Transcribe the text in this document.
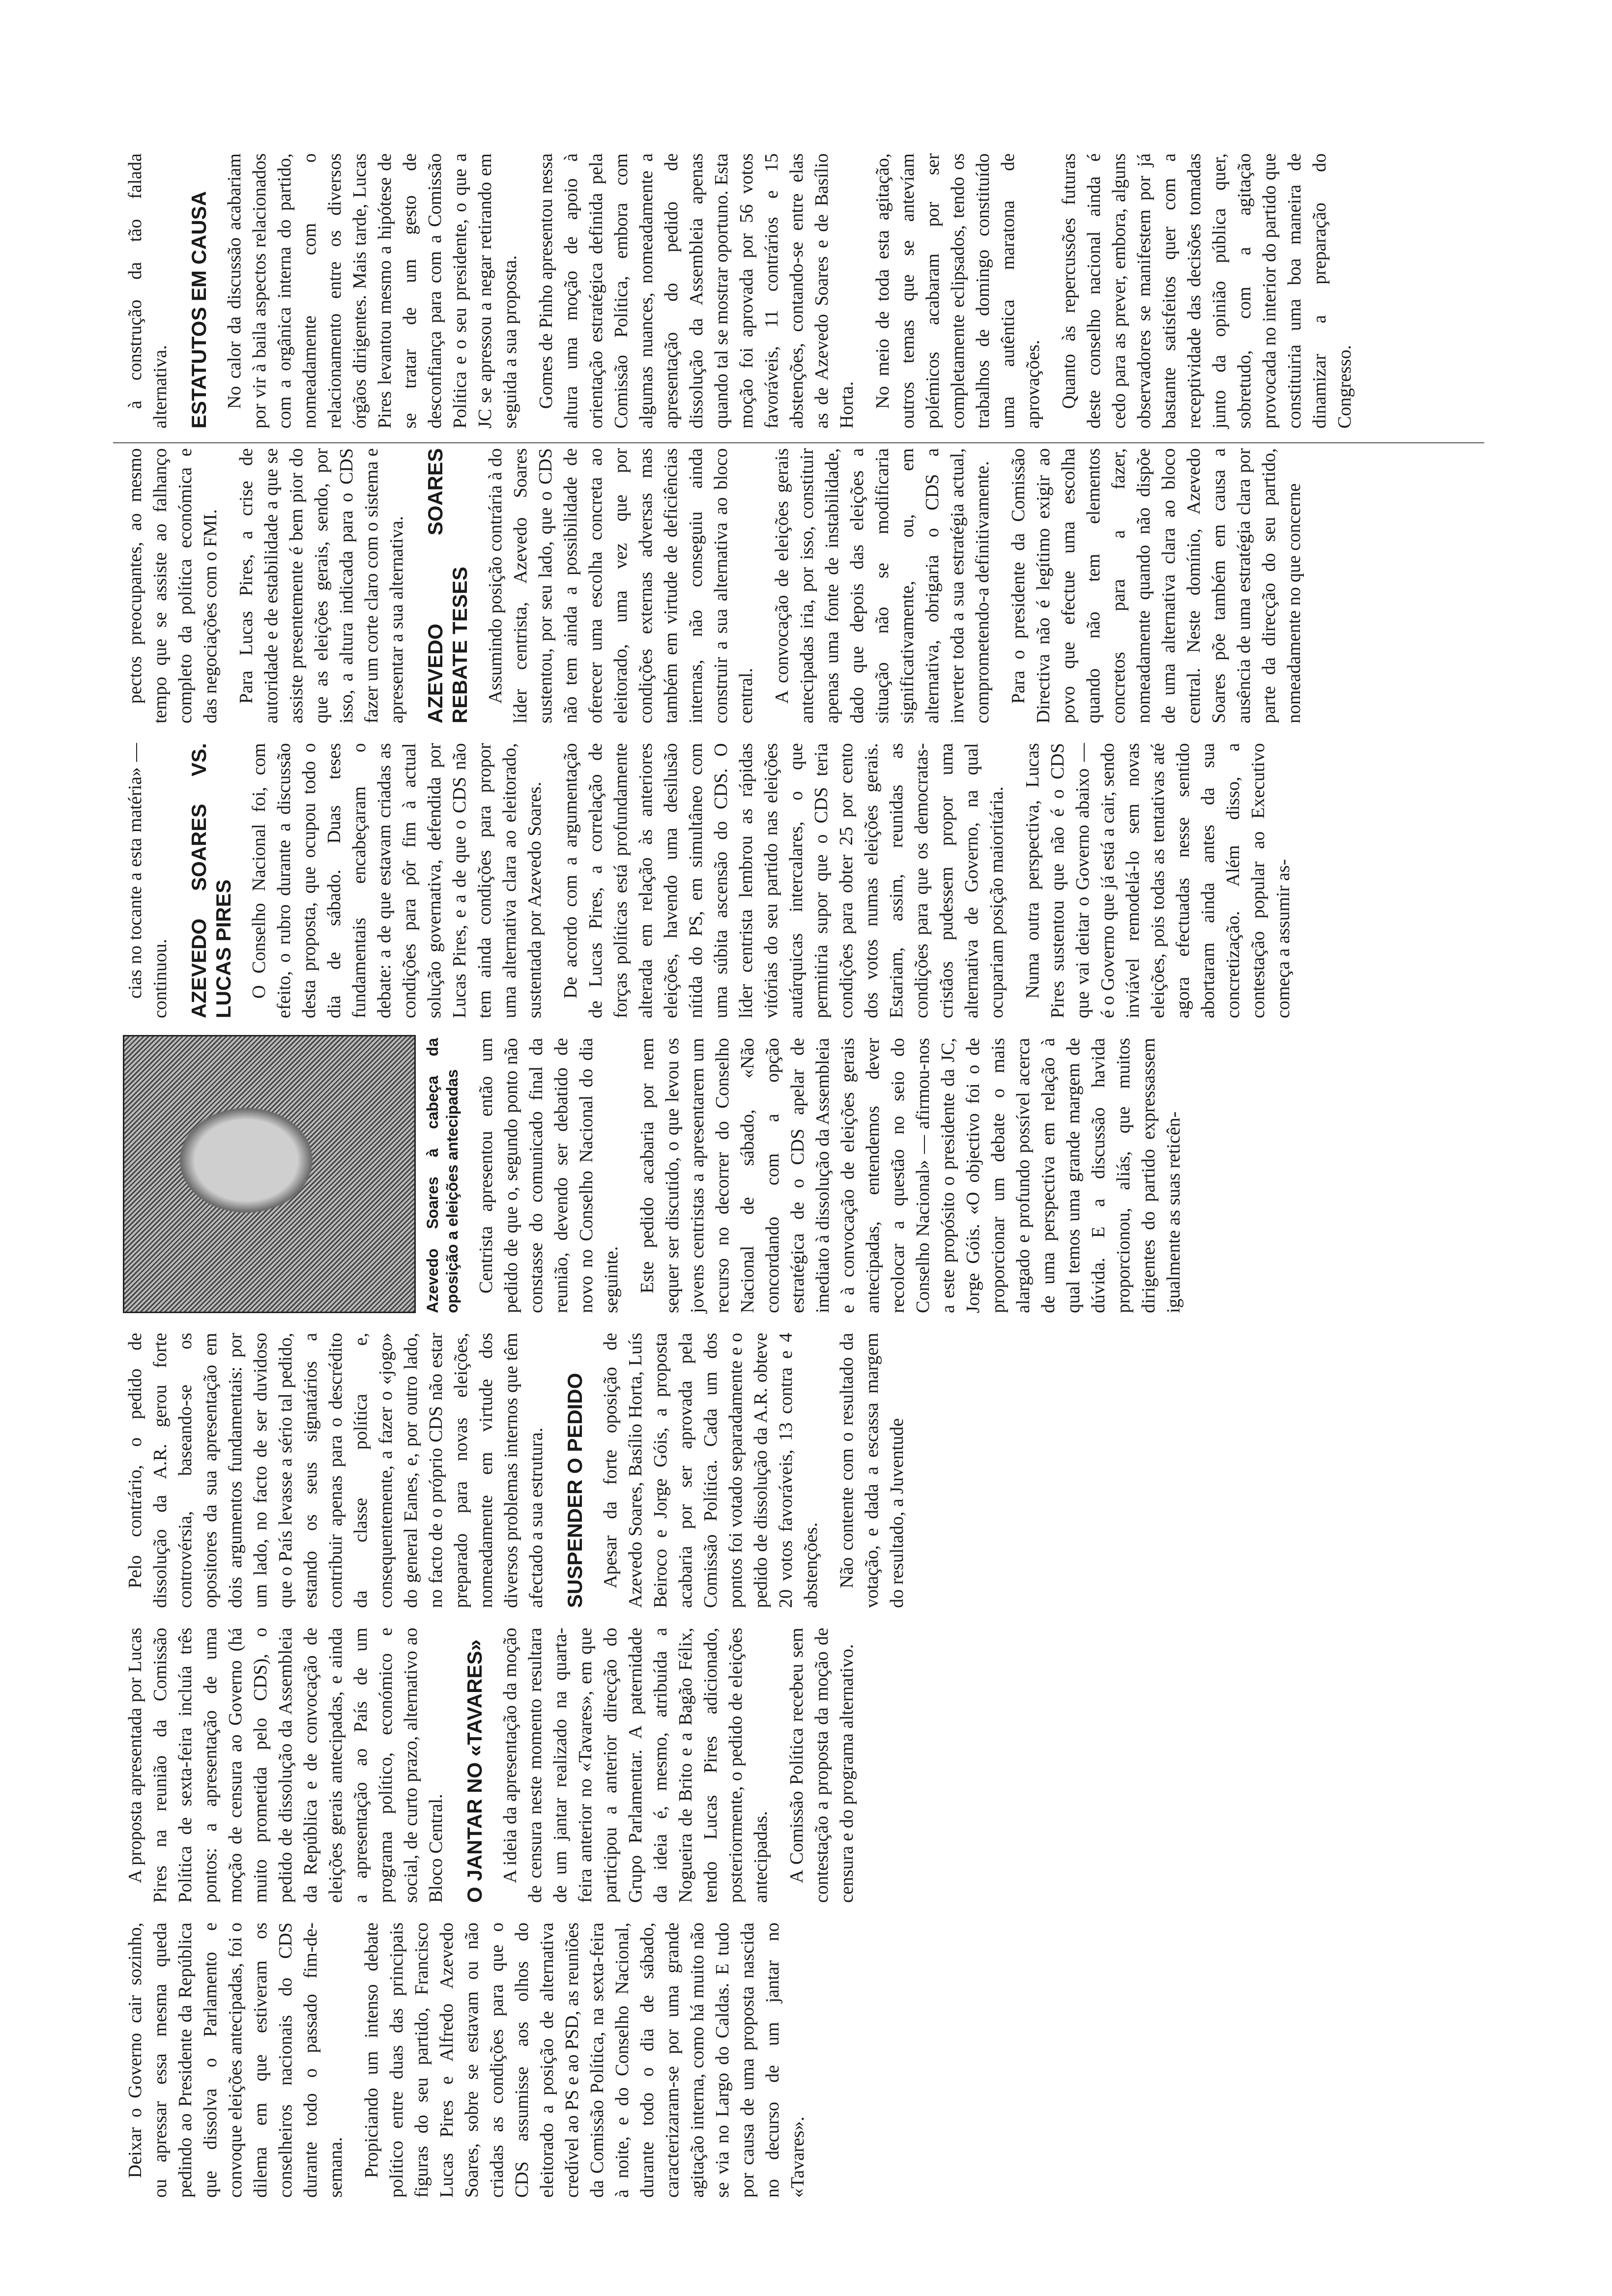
Deixar o Governo cair sozinho, ou apressar essa mesma queda pedindo ao Presidente da República que dissolva o Parlamento e convoque eleições antecipadas, foi o dilema em que estiveram os conselheiros nacionais do CDS durante todo o passado fim-de-semana. Propiciando um intenso debate político entre duas das principais figuras do seu partido, Francisco Lucas Pires e Alfredo Azevedo Soares, sobre se estavam ou não criadas as condições para que o CDS assumisse aos olhos do eleitorado a posição de alternativa credível ao PS e ao PSD, as reuniões da Comissão Política, na sexta-feira à noite, e do Conselho Nacional, durante todo o dia de sábado, caracterizaram-se por uma grande agitação interna, como há muito não se via no Largo do Caldas. E tudo por causa de uma proposta nascida no decurso de um jantar no «Tavares».

A proposta apresentada por Lucas Pires na reunião da Comissão Política de sexta-feira incluía três pontos: a apresentação de uma moção de censura ao Governo (há muito prometida pelo CDS), o pedido de dissolução da Assembleia da República e de convocação de eleições gerais antecipadas, e ainda a apresentação ao País de um programa político, económico e social, de curto prazo, alternativo ao Bloco Central. O JANTAR NO «TAVARES» A ideia da apresentação da moção de censura neste momento resultara de um jantar realizado na quarta-feira anterior no «Tavares», em que participou a anterior direcção do Grupo Parlamentar. A paternidade da ideia é, mesmo, atribuída a Nogueira de Brito e a Bagão Félix, tendo Lucas Pires adicionado, posteriormente, o pedido de eleições antecipadas. A Comissão Política recebeu sem contestação a proposta da moção de censura e do programa alternativo.

Pelo contrário, o pedido de dissolução da A.R. gerou forte controvérsia, baseando-se os opositores da sua apresentação em dois argumentos fundamentais: por um lado, no facto de ser duvidoso que o País levasse a sério tal pedido, estando os seus signatários a contribuir apenas para o descrédito da classe política e, consequentemente, a fazer o «jogo» do general Eanes, e, por outro lado, no facto de o próprio CDS não estar preparado para novas eleições, nomeadamente em virtude dos diversos problemas internos que têm afectado a sua estrutura. SUSPENDER O PEDIDO Apesar da forte oposição de Azevedo Soares, Basílio Horta, Luís Beiroco e Jorge Góis, a proposta acabaria por ser aprovada pela Comissão Política. Cada um dos pontos foi votado separadamente e o pedido de dissolução da A.R. obteve 20 votos favoráveis, 13 contra e 4 abstenções. Não contente com o resultado da votação, e dada a escassa margem do resultado, a Juventude

Azevedo Soares à cabeça da oposição a eleições antecipadas Centrista apresentou então um pedido de que o, segundo ponto não constasse do comunicado final da reunião, devendo ser debatido de novo no Conselho Nacional do dia seguinte. Este pedido acabaria por nem sequer ser discutido, o que levou os jovens centristas a apresentarem um recurso no decorrer do Conselho Nacional de sábado, «Não concordando com a opção estratégica de o CDS apelar de imediato à dissolução da Assembleia e à convocação de eleições gerais antecipadas, entendemos dever recolocar a questão no seio do Conselho Nacional» — afirmou-nos a este propósito o presidente da JC, Jorge Góis. «O objectivo foi o de proporcionar um debate o mais alargado e profundo possível acerca de uma perspectiva em relação à qual temos uma grande margem de dúvida. E a discussão havida proporcionou, aliás, que muitos dirigentes do partido expressassem igualmente as suas reticên-

cias no tocante a esta matéria» — continuou. AZEVEDO SOARES VS. LUCAS PIRES O Conselho Nacional foi, com efeito, o rubro durante a discussão desta proposta, que ocupou todo o dia de sábado. Duas teses fundamentais encabeçaram o debate: a de que estavam criadas as condições para pôr fim à actual solução governativa, defendida por Lucas Pires, e a de que o CDS não tem ainda condições para propor uma alternativa clara ao eleitorado, sustentada por Azevedo Soares. De acordo com a argumentação de Lucas Pires, a correlação de forças políticas está profundamente alterada em relação às anteriores eleições, havendo uma desilusão nítida do PS, em simultâneo com uma súbita ascensão do CDS. O líder centrista lembrou as rápidas vitórias do seu partido nas eleições autárquicas intercalares, o que permitiria supor que o CDS teria condições para obter 25 por cento dos votos numas eleições gerais. Estariam, assim, reunidas as condições para que os democratas-cristãos pudessem propor uma alternativa de Governo, na qual ocupariam posição maioritária. Numa outra perspectiva, Lucas Pires sustentou que não é o CDS que vai deitar o Governo abaixo — é o Governo que já está a cair, sendo inviável remodelá-lo sem novas eleições, pois todas as tentativas até agora efectuadas nesse sentido abortaram ainda antes da sua concretização. Além disso, a contestação popular ao Executivo começa a assumir as-

pectos preocupantes, ao mesmo tempo que se assiste ao falhanço completo da política económica e das negociações com o FMI. Para Lucas Pires, a crise de autoridade e de estabilidade a que se assiste presentemente é bem pior do que as eleições gerais, sendo, por isso, a altura indicada para o CDS fazer um corte claro com o sistema e apresentar a sua alternativa. AZEVEDO SOARES REBATE TESES Assumindo posição contrária à do líder centrista, Azevedo Soares sustentou, por seu lado, que o CDS não tem ainda a possibilidade de oferecer uma escolha concreta ao eleitorado, uma vez que por condições externas adversas mas também em virtude de deficiências internas, não conseguiu ainda construir a sua alternativa ao bloco central. A convocação de eleições gerais antecipadas iria, por isso, constituir apenas uma fonte de instabilidade, dado que depois das eleições a situação não se modificaria significativamente, ou, em alternativa, obrigaria o CDS a inverter toda a sua estratégia actual, comprometendo-a definitivamente. Para o presidente da Comissão Directiva não é legítimo exigir ao povo que efectue uma escolha quando não tem elementos concretos para a fazer, nomeadamente quando não dispõe de uma alternativa clara ao bloco central. Neste domínio, Azevedo Soares põe também em causa a ausência de uma estratégia clara por parte da direcção do seu partido, nomeadamente no que concerne

à construção da tão falada alternativa. ESTATUTOS EM CAUSA No calor da discussão acabariam por vir à baila aspectos relacionados com a orgânica interna do partido, nomeadamente com o relacionamento entre os diversos órgãos dirigentes. Mais tarde, Lucas Pires levantou mesmo a hipótese de se tratar de um gesto de desconfiança para com a Comissão Política e o seu presidente, o que a JC se apressou a negar retirando em seguida a sua proposta. Gomes de Pinho apresentou nessa altura uma moção de apoio à orientação estratégica definida pela Comissão Política, embora com algumas nuances, nomeadamente a apresentação do pedido de dissolução da Assembleia apenas quando tal se mostrar oportuno. Esta moção foi aprovada por 56 votos favoráveis, 11 contrários e 15 abstenções, contando-se entre elas as de Azevedo Soares e de Basílio Horta. No meio de toda esta agitação, outros temas que se antevíam polémicos acabaram por ser completamente eclipsados, tendo os trabalhos de domingo constituído uma autêntica maratona de aprovações. Quanto às repercussões futuras deste conselho nacional ainda é cedo para as prever, embora, alguns observadores se manifestem por já bastante satisfeitos quer com a receptividade das decisões tomadas junto da opinião pública quer, sobretudo, com a agitação provocada no interior do partido que constituiria uma boa maneira de dinamizar a preparação do Congresso.
